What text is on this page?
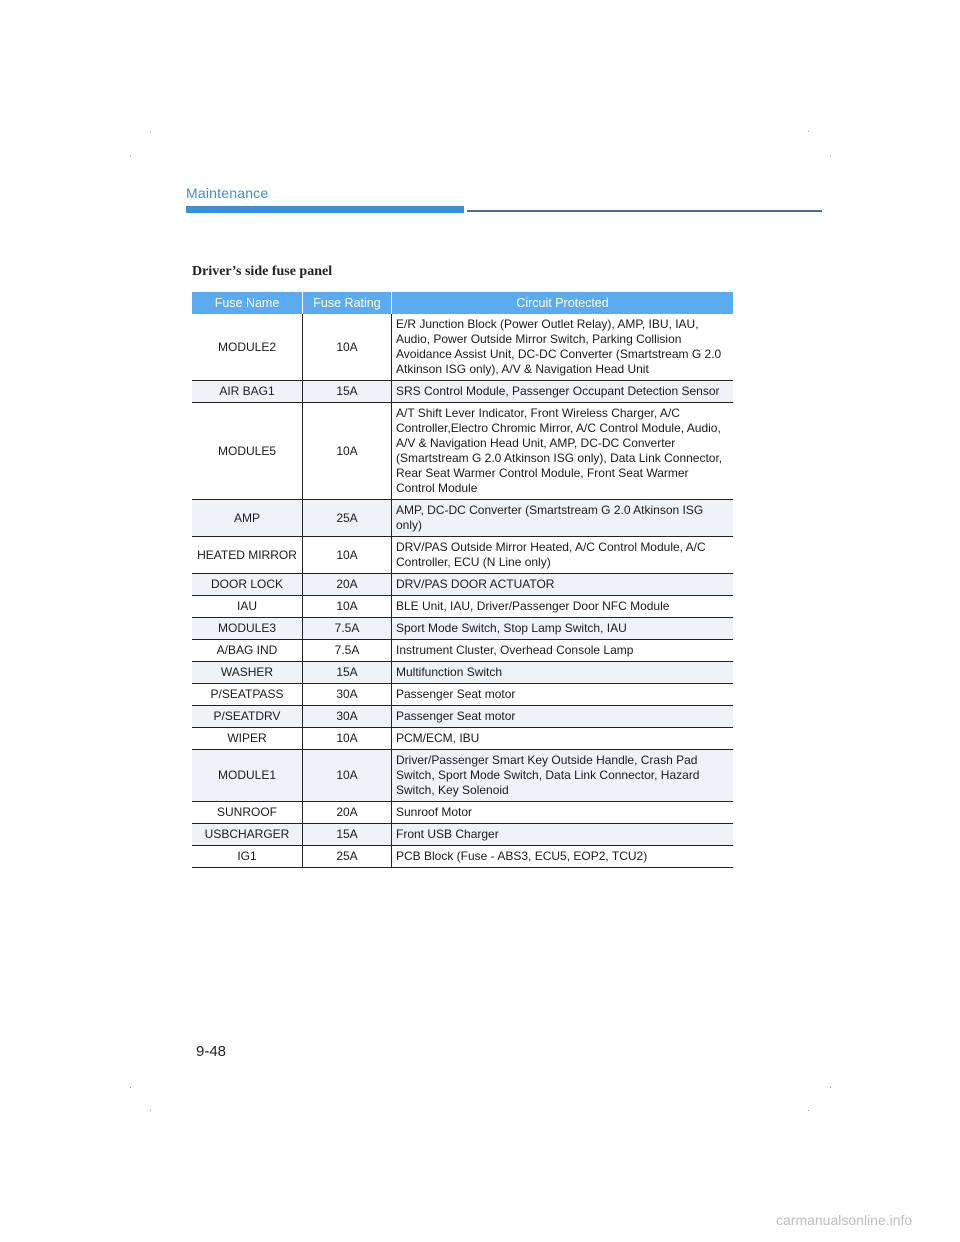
Maintenance
Driver’s side fuse panel
Fuse Name	Fuse Rating	Circuit Protected
MODULE2	10A	E/R Junction Block (Power Outlet Relay), AMP, IBU, IAU, Audio, Power Outside Mirror Switch, Parking Collision Avoidance Assist Unit, DC-DC Converter (Smartstream G 2.0 Atkinson ISG only), A/V & Navigation Head Unit
AIR BAG1	15A	SRS Control Module, Passenger Occupant Detection Sensor
MODULE5	10A	A/T Shift Lever Indicator, Front Wireless Charger, A/C Controller,Electro Chromic Mirror, A/C Control Module, Audio, A/V & Navigation Head Unit, AMP, DC-DC Converter (Smartstream G 2.0 Atkinson ISG only), Data Link Connector, Rear Seat Warmer Control Module, Front Seat Warmer Control Module
AMP	25A	AMP, DC-DC Converter (Smartstream G 2.0 Atkinson ISG only)
HEATED MIRROR	10A	DRV/PAS Outside Mirror Heated, A/C Control Module, A/C Controller, ECU (N Line only)
DOOR LOCK	20A	DRV/PAS DOOR ACTUATOR
IAU	10A	BLE Unit, IAU, Driver/Passenger Door NFC Module
MODULE3	7.5A	Sport Mode Switch, Stop Lamp Switch, IAU
A/BAG IND	7.5A	Instrument Cluster, Overhead Console Lamp
WASHER	15A	Multifunction Switch
P/SEATPASS	30A	Passenger Seat motor
P/SEATDRV	30A	Passenger Seat motor
WIPER	10A	PCM/ECM, IBU
MODULE1	10A	Driver/Passenger Smart Key Outside Handle, Crash Pad Switch, Sport Mode Switch, Data Link Connector, Hazard Switch, Key Solenoid
SUNROOF	20A	Sunroof Motor
USBCHARGER	15A	Front USB Charger
IG1	25A	PCB Block (Fuse - ABS3, ECU5, EOP2, TCU2)
9-48
carmanualsonline.info
